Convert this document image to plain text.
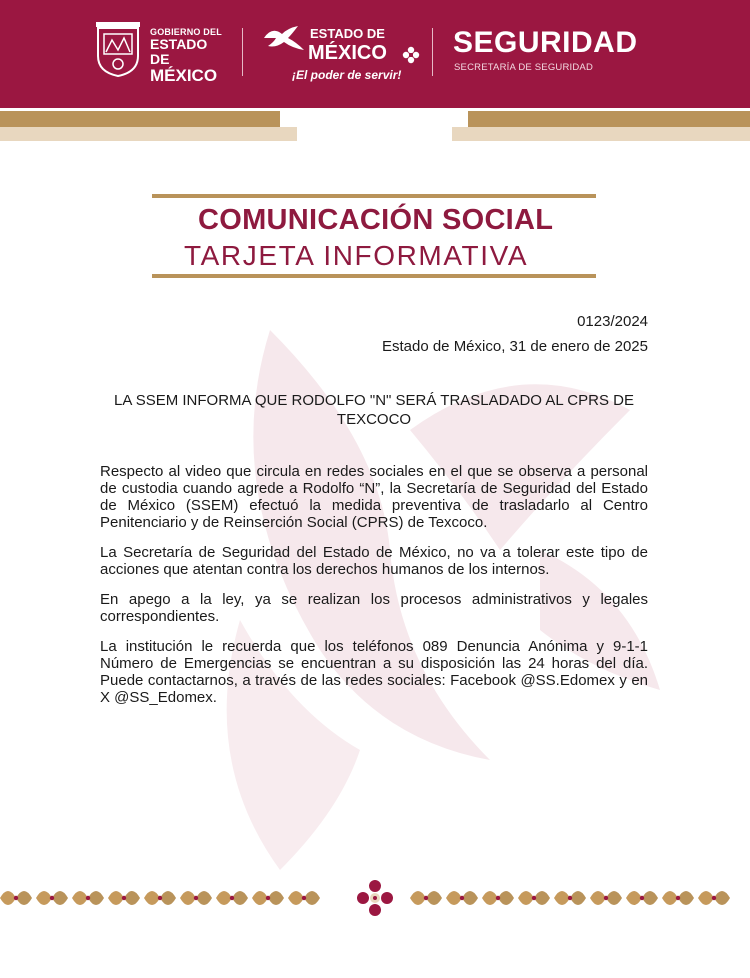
GOBIERNO DEL
ESTADO DE
MÉXICO
ESTADO DE
MÉXICO
¡El poder de servir!
SEGURIDAD
SECRETARÍA DE SEGURIDAD
COMUNICACIÓN SOCIAL
TARJETA INFORMATIVA
0123/2024
Estado de México, 31 de enero de 2025
LA SSEM INFORMA QUE RODOLFO "N" SERÁ TRASLADADO AL CPRS DE TEXCOCO

Respecto al video que circula en redes sociales en el que se observa a personal de custodia cuando agrede a Rodolfo “N”, la Secretaría de Seguridad del Estado de México (SSEM) efectuó la medida preventiva de trasladarlo al Centro Penitenciario y de Reinserción Social (CPRS) de Texcoco.

La Secretaría de Seguridad del Estado de México, no va a tolerar este tipo de acciones que atentan contra los derechos humanos de los internos.

En apego a la ley, ya se realizan los procesos administrativos y legales correspondientes.

La institución le recuerda que los teléfonos 089 Denuncia Anónima y 9-1-1 Número de Emergencias se encuentran a su disposición las 24 horas del día. Puede contactarnos, a través de las redes sociales: Facebook @SS.Edomex y en X @SS_Edomex.
